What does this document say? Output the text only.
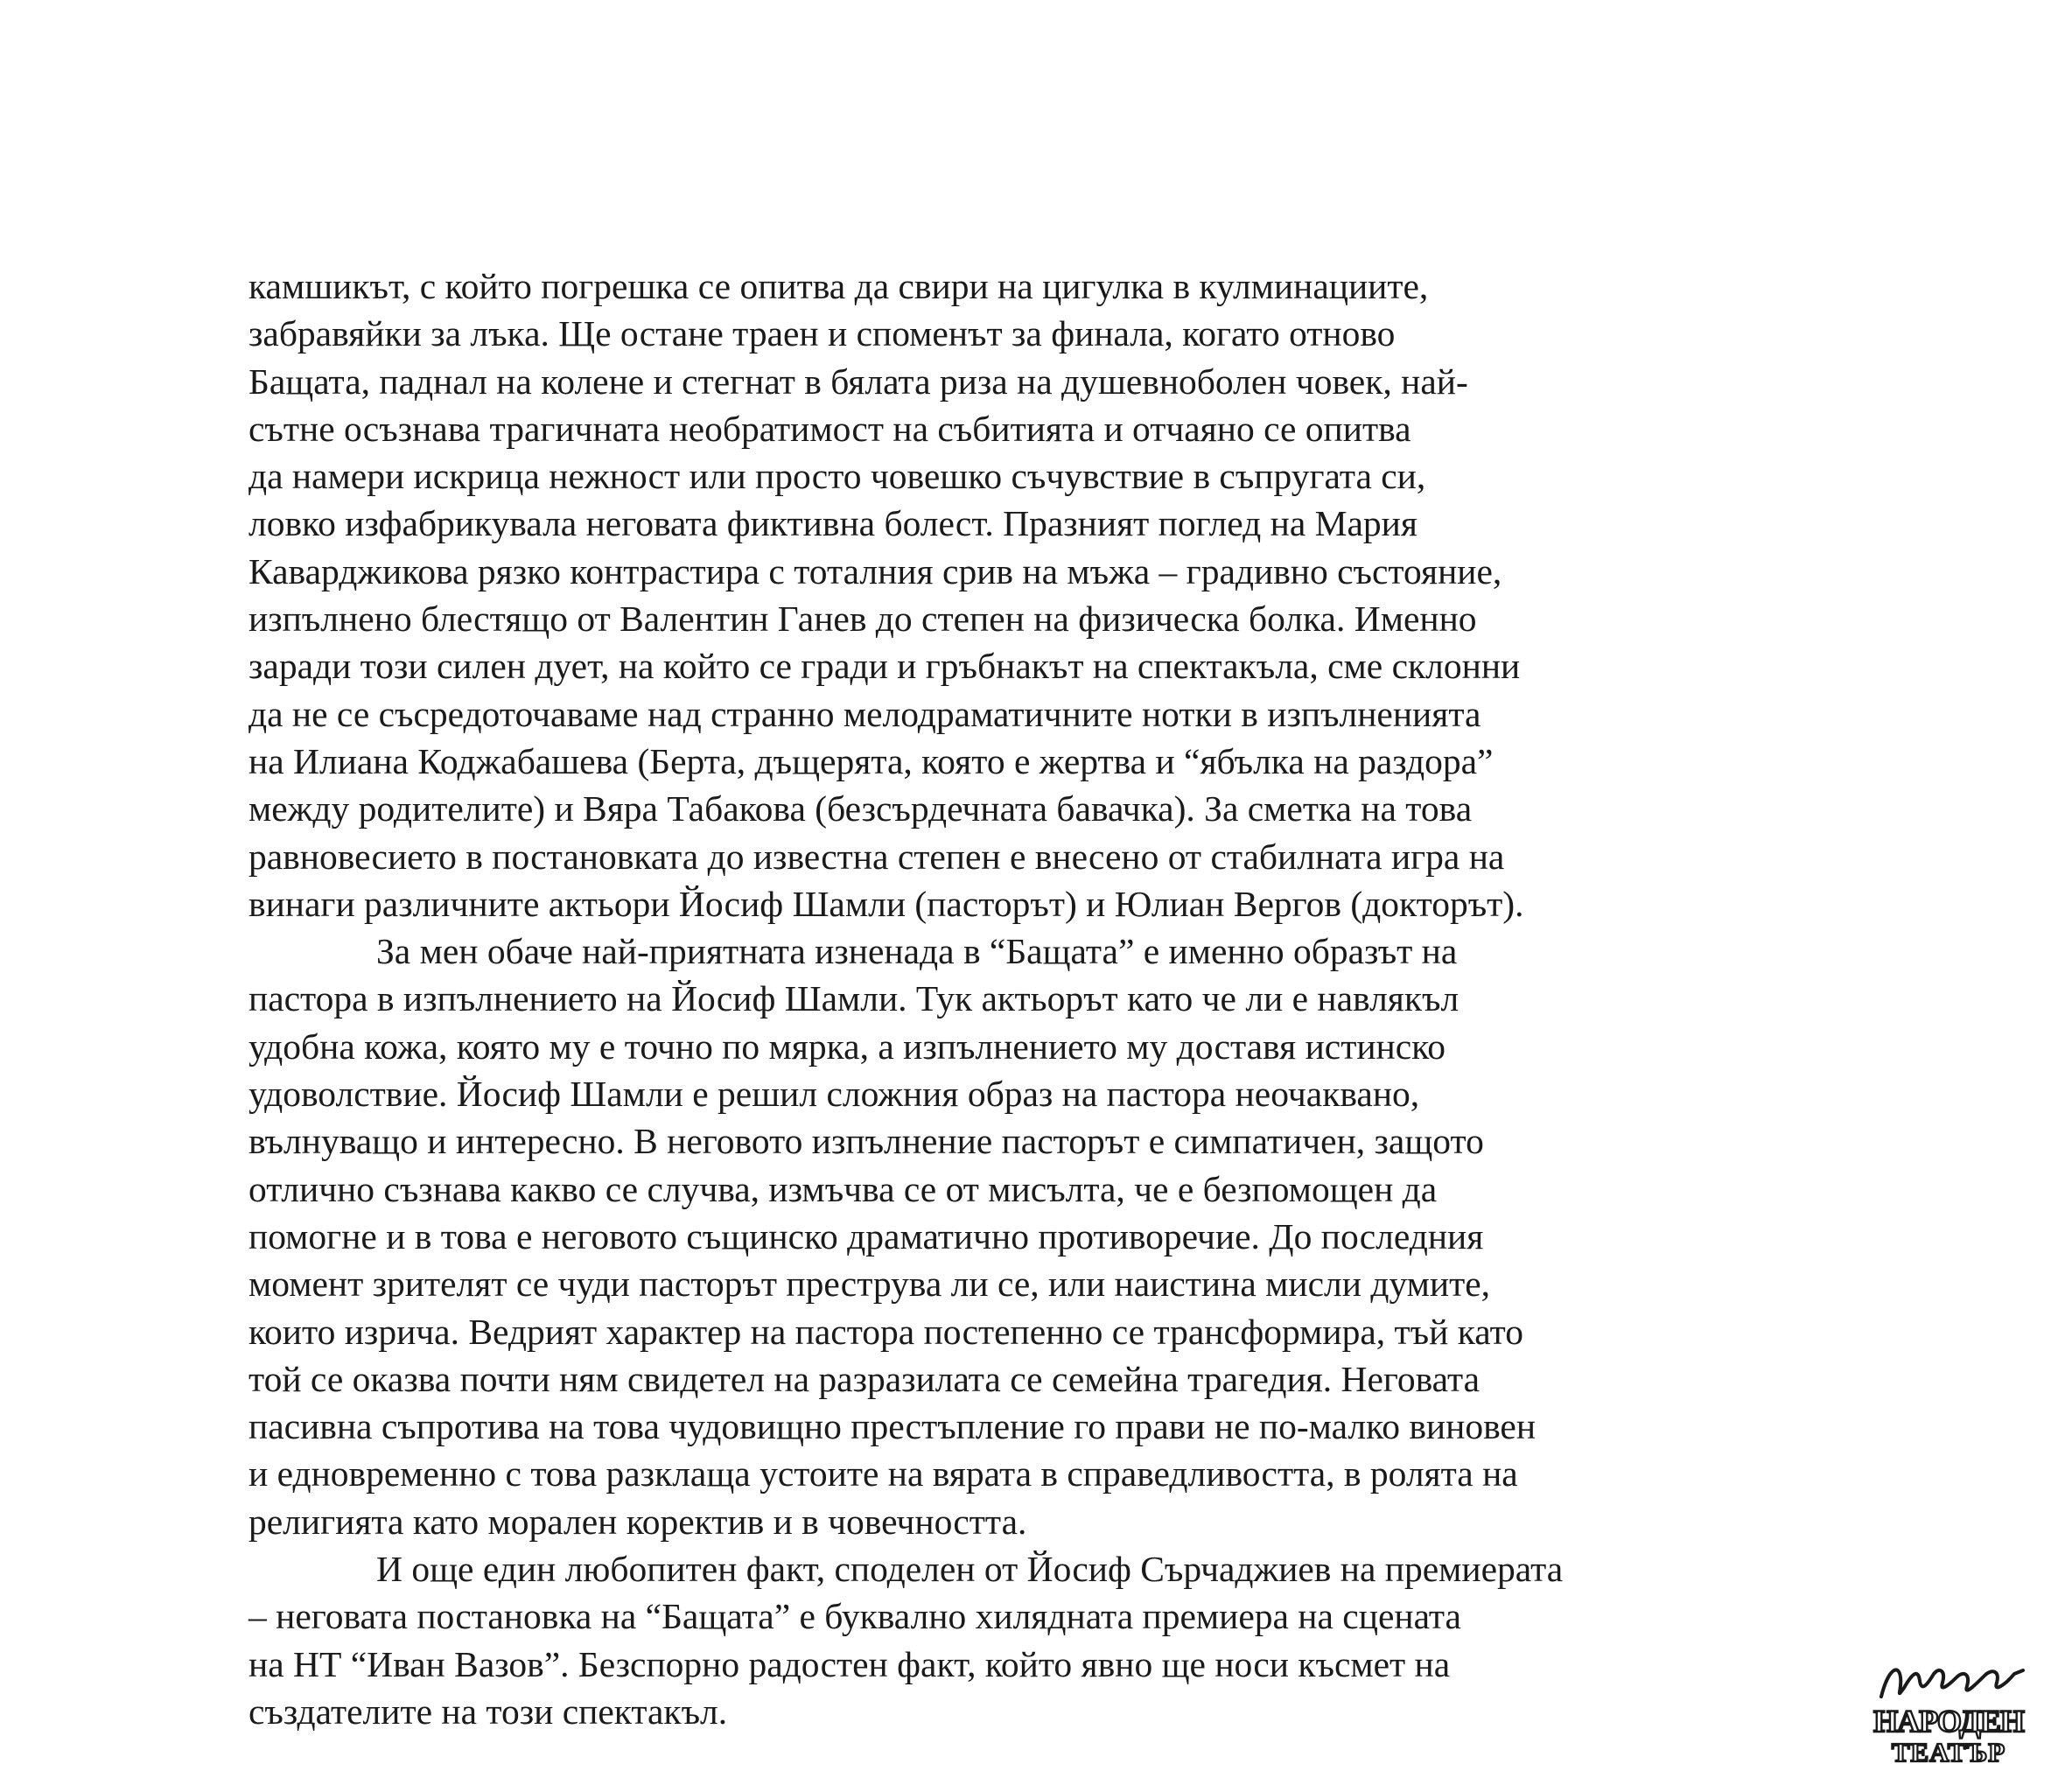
камшикът, с който погрешка се опитва да свири на цигулка в кулминациите,
забравяйки за лъка. Ще остане траен и споменът за финала, когато отново
Бащата, паднал на колене и стегнат в бялата риза на душевноболен човек, най-
сътне осъзнава трагичната необратимост на събитията и отчаяно се опитва
да намери искрица нежност или просто човешко съчувствие в съпругата си,
ловко изфабрикувала неговата фиктивна болест. Празният поглед на Мария
Каварджикова рязко контрастира с тоталния срив на мъжа – градивно състояние,
изпълнено блестящо от Валентин Ганев до степен на физическа болка. Именно
заради този силен дует, на който се гради и гръбнакът на спектакъла, сме склонни
да не се съсредоточаваме над странно мелодраматичните нотки в изпълненията
на Илиана Коджабашева (Берта, дъщерята, която е жертва и “ябълка на раздора”
между родителите) и Вяра Табакова (безсърдечната бавачка). За сметка на това
равновесието в постановката до известна степен е внесено от стабилната игра на
винаги различните актьори Йосиф Шамли (пасторът) и Юлиан Вергов (докторът).
За мен обаче най-приятната изненада в “Бащата” е именно образът на
пастора в изпълнението на Йосиф Шамли. Тук актьорът като че ли е навлякъл
удобна кожа, която му е точно по мярка, а изпълнението му доставя истинско
удоволствие. Йосиф Шамли е решил сложния образ на пастора неочаквано,
вълнуващо и интересно. В неговото изпълнение пасторът е симпатичен, защото
отлично съзнава какво се случва, измъчва се от мисълта, че е безпомощен да
помогне и в това е неговото същинско драматично противоречие. До последния
момент зрителят се чуди пасторът преструва ли се, или наистина мисли думите,
които изрича. Ведрият характер на пастора постепенно се трансформира, тъй като
той се оказва почти ням свидетел на разразилата се семейна трагедия. Неговата
пасивна съпротива на това чудовищно престъпление го прави не по-малко виновен
и едновременно с това разклаща устоите на вярата в справедливостта, в ролята на
религията като морален коректив и в човечността.
И още един любопитен факт, споделен от Йосиф Сърчаджиев на премиерата
– неговата постановка на “Бащата” е буквално хилядната премиера на сцената
на НТ “Иван Вазов”. Безспорно радостен факт, който явно ще носи късмет на
създателите на този спектакъл.	НАРОДЕН
ТЕАТЪР
